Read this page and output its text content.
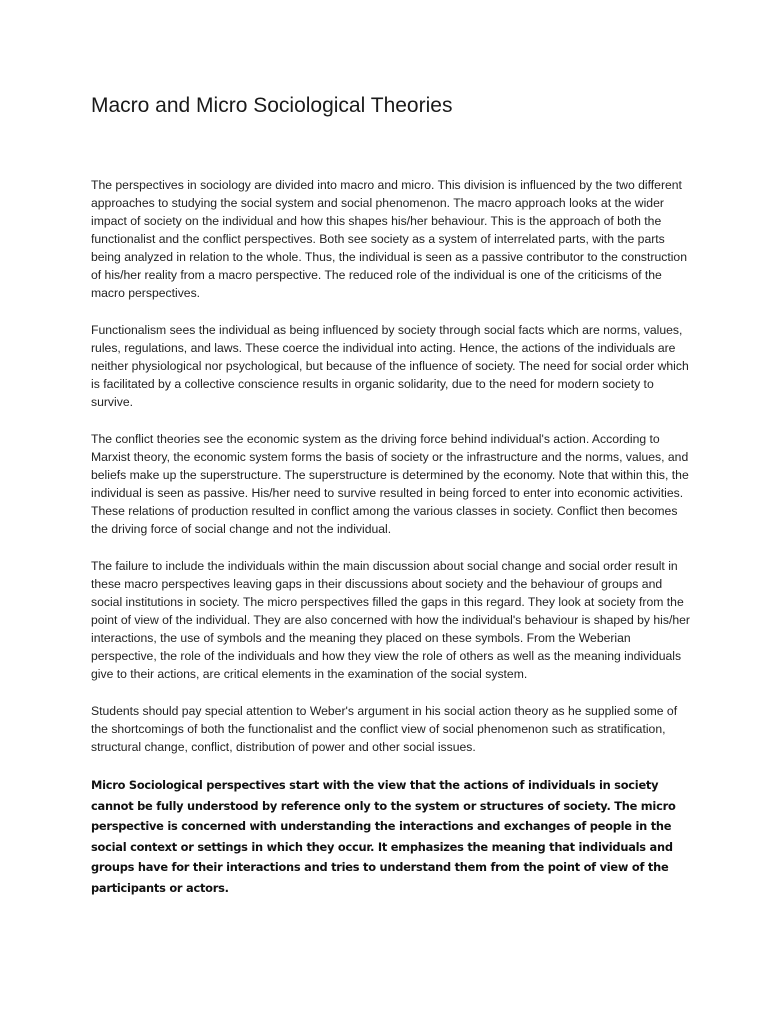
Macro and Micro Sociological Theories

The perspectives in sociology are divided into macro and micro. This division is influenced by the two different approaches to studying the social system and social phenomenon. The macro approach looks at the wider impact of society on the individual and how this shapes his/her behaviour. This is the approach of both the functionalist and the conflict perspectives. Both see society as a system of interrelated parts, with the parts being analyzed in relation to the whole. Thus, the individual is seen as a passive contributor to the construction of his/her reality from a macro perspective. The reduced role of the individual is one of the criticisms of the macro perspectives.

Functionalism sees the individual as being influenced by society through social facts which are norms, values, rules, regulations, and laws. These coerce the individual into acting. Hence, the actions of the individuals are neither physiological nor psychological, but because of the influence of society. The need for social order which is facilitated by a collective conscience results in organic solidarity, due to the need for modern society to survive.

The conflict theories see the economic system as the driving force behind individual's action. According to Marxist theory, the economic system forms the basis of society or the infrastructure and the norms, values, and beliefs make up the superstructure. The superstructure is determined by the economy. Note that within this, the individual is seen as passive. His/her need to survive resulted in being forced to enter into economic activities. These relations of production resulted in conflict among the various classes in society. Conflict then becomes the driving force of social change and not the individual.

The failure to include the individuals within the main discussion about social change and social order result in these macro perspectives leaving gaps in their discussions about society and the behaviour of groups and social institutions in society. The micro perspectives filled the gaps in this regard. They look at society from the point of view of the individual. They are also concerned with how the individual's behaviour is shaped by his/her interactions, the use of symbols and the meaning they placed on these symbols. From the Weberian perspective, the role of the individuals and how they view the role of others as well as the meaning individuals give to their actions, are critical elements in the examination of the social system.

Students should pay special attention to Weber's argument in his social action theory as he supplied some of the shortcomings of both the functionalist and the conflict view of social phenomenon such as stratification, structural change, conflict, distribution of power and other social issues.

Micro Sociological perspectives start with the view that the actions of individuals in society cannot be fully understood by reference only to the system or structures of society. The micro perspective is concerned with understanding the interactions and exchanges of people in the social context or settings in which they occur. It emphasizes the meaning that individuals and groups have for their interactions and tries to understand them from the point of view of the participants or actors.
